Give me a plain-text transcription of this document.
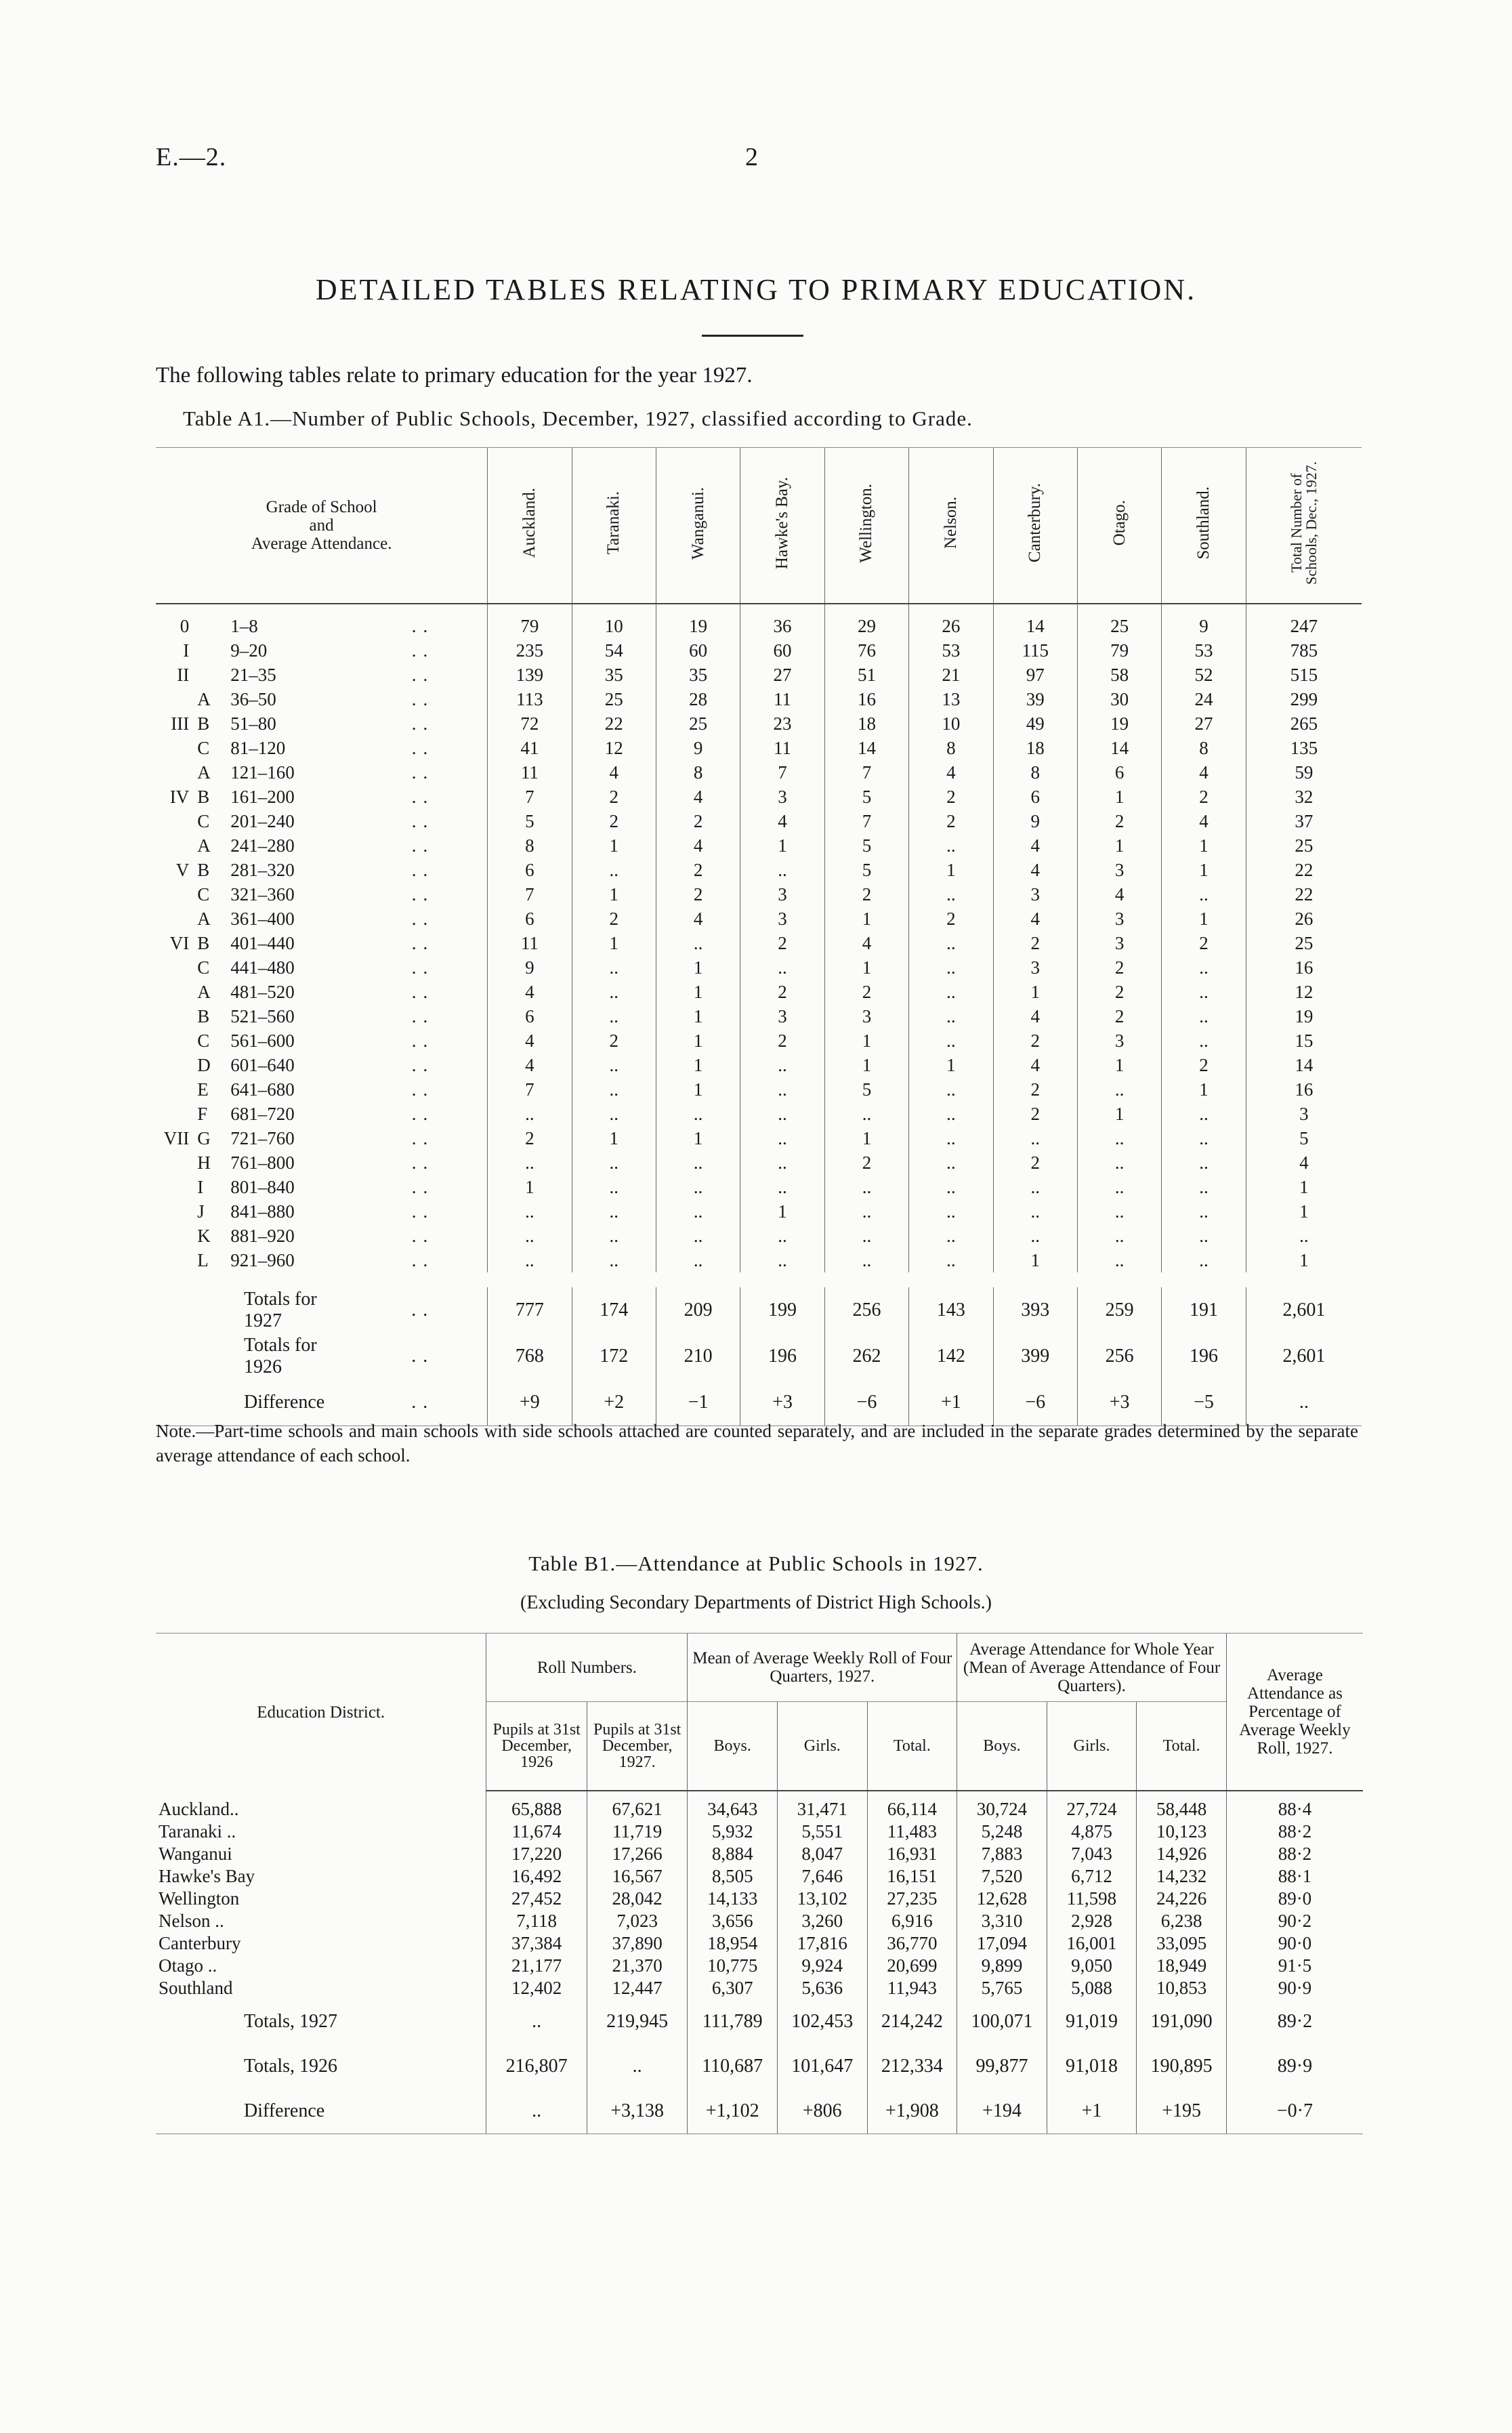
E.—2.	2
DETAILED TABLES RELATING TO PRIMARY EDUCATION.
The following tables relate to primary education for the year 1927.
Table A1.—Number of Public Schools, December, 1927, classified according to Grade.
Grade of School
and
Average Attendance.					Auckland.	Taranaki.	Wanganui.	Hawke's Bay.	Wellington.	Nelson.	Canterbury.	Otago.	Southland.	Total Number of Schools, Dec., 1927.
0		1–8	..		79	10	19	36	29	26	14	25	9	247
I		9–20	..		235	54	60	60	76	53	115	79	53	785
II		21–35	..		139	35	35	27	51	21	97	58	52	515
	A	36–50	..		113	25	28	11	16	13	39	30	24	299
III	B	51–80	..		72	22	25	23	18	10	49	19	27	265
	C	81–120	..		41	12	9	11	14	8	18	14	8	135
	A	121–160	..		11	4	8	7	7	4	8	6	4	59
IV	B	161–200	..		7	2	4	3	5	2	6	1	2	32
	C	201–240	..		5	2	2	4	7	2	9	2	4	37
	A	241–280	..		8	1	4	1	5	..	4	1	1	25
V	B	281–320	..		6	..	2	..	5	1	4	3	1	22
	C	321–360	..		7	1	2	3	2	..	3	4	..	22
	A	361–400	..		6	2	4	3	1	2	4	3	1	26
VI	B	401–440	..		11	1	..	2	4	..	2	3	2	25
	C	441–480	..		9	..	1	..	1	..	3	2	..	16
	A	481–520	..		4	..	1	2	2	..	1	2	..	12
	B	521–560	..		6	..	1	3	3	..	4	2	..	19
	C	561–600	..		4	2	1	2	1	..	2	3	..	15
	D	601–640	..		4	..	1	..	1	1	4	1	2	14
	E	641–680	..		7	..	1	..	5	..	2	..	1	16
	F	681–720	..		..	..	..	..	..	..	2	1	..	3
VII	G	721–760	..		2	1	1	..	1	..	..	..	..	5
	H	761–800	..		..	..	..	..	2	..	2	..	..	4
	I	801–840	..		1	..	..	..	..	..	..	..	..	1
	J	841–880	..		..	..	..	1	..	..	..	..	..	1
	K	881–920	..		..	..	..	..	..	..	..	..	..	..
	L	921–960	..		..	..	..	..	..	..	1	..	..	1

Totals for 1927			..		777	174	209	199	256	143	393	259	191	2,601
Totals for 1926			..		768	172	210	196	262	142	399	256	196	2,601
Difference			..		+9	+2	−1	+3	−6	+1	−6	+3	−5	..
Note.—Part-time schools and main schools with side schools attached are counted separately, and are included in the separate grades determined by the separate average attendance of each school.
Table B1.—Attendance at Public Schools in 1927.
(Excluding Secondary Departments of District High Schools.)
Education District.	Roll Numbers.		Mean of Average Weekly Roll of Four Quarters, 1927.			Average Attendance for Whole Year (Mean of Average Attendance of Four Quarters).			Average Attendance as Percentage of Average Weekly Roll, 1927.
	Pupils at 31st December, 1926	Pupils at 31st December, 1927.	Boys.	Girls.	Total.	Boys.	Girls.	Total.	
Auckland..	65,888	67,621	34,643	31,471	66,114	30,724	27,724	58,448	88·4
Taranaki ..	11,674	11,719	5,932	5,551	11,483	5,248	4,875	10,123	88·2
Wanganui	17,220	17,266	8,884	8,047	16,931	7,883	7,043	14,926	88·2
Hawke's Bay	16,492	16,567	8,505	7,646	16,151	7,520	6,712	14,232	88·1
Wellington	27,452	28,042	14,133	13,102	27,235	12,628	11,598	24,226	89·0
Nelson ..	7,118	7,023	3,656	3,260	6,916	3,310	2,928	6,238	90·2
Canterbury	37,384	37,890	18,954	17,816	36,770	17,094	16,001	33,095	90·0
Otago ..	21,177	21,370	10,775	9,924	20,699	9,899	9,050	18,949	91·5
Southland	12,402	12,447	6,307	5,636	11,943	5,765	5,088	10,853	90·9
Totals, 1927	..	219,945	111,789	102,453	214,242	100,071	91,019	191,090	89·2
Totals, 1926	216,807	..	110,687	101,647	212,334	99,877	91,018	190,895	89·9
Difference	..	+3,138	+1,102	+806	+1,908	+194	+1	+195	−0·7
